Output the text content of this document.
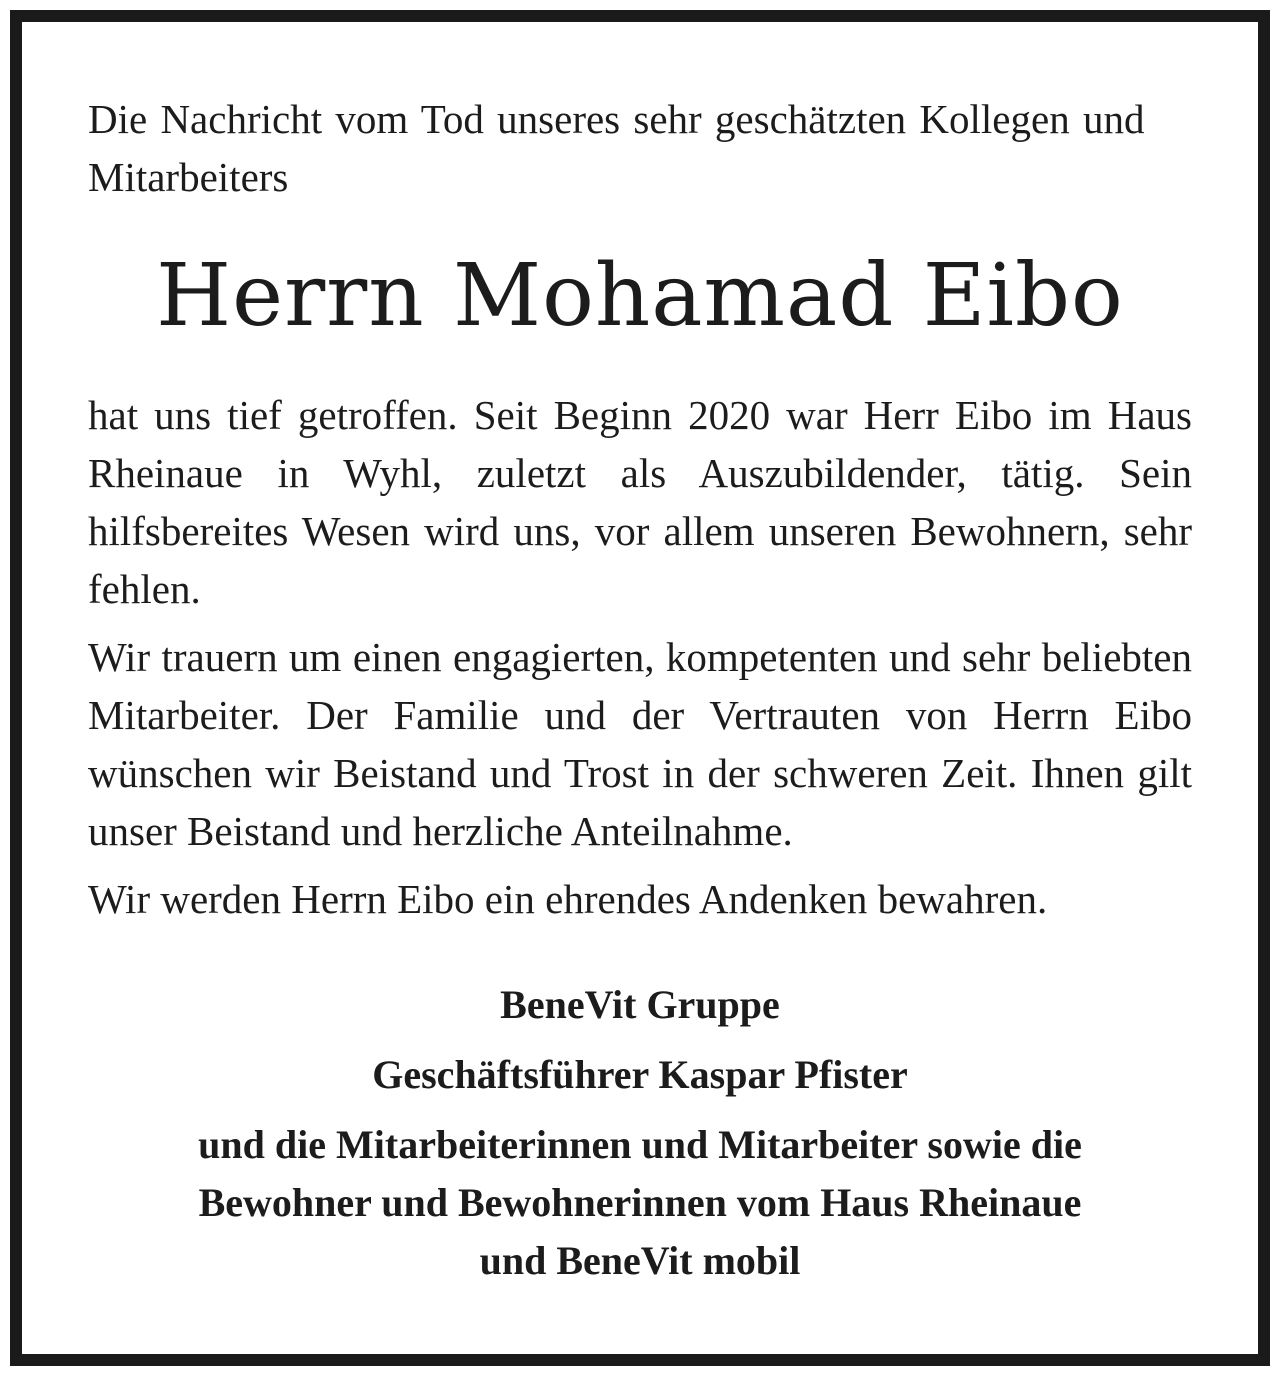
Die Nachricht vom Tod unseres sehr geschätzten Kollegen und Mitarbeiters

Herrn Mohamad Eibo

hat uns tief getroffen. Seit Beginn 2020 war Herr Eibo im Haus Rheinaue in Wyhl, zuletzt als Auszubildender, tätig. Sein hilfsbereites Wesen wird uns, vor allem unseren Bewohnern, sehr fehlen.

Wir trauern um einen engagierten, kompetenten und sehr beliebten Mitarbeiter. Der Familie und der Vertrauten von Herrn Eibo wünschen wir Beistand und Trost in der schweren Zeit. Ihnen gilt unser Beistand und herzliche Anteilnahme.

Wir werden Herrn Eibo ein ehrendes Andenken bewahren.

BeneVit Gruppe

Geschäftsführer Kaspar Pfister

und die Mitarbeiterinnen und Mitarbeiter sowie die
Bewohner und Bewohnerinnen vom Haus Rheinaue
und BeneVit mobil
